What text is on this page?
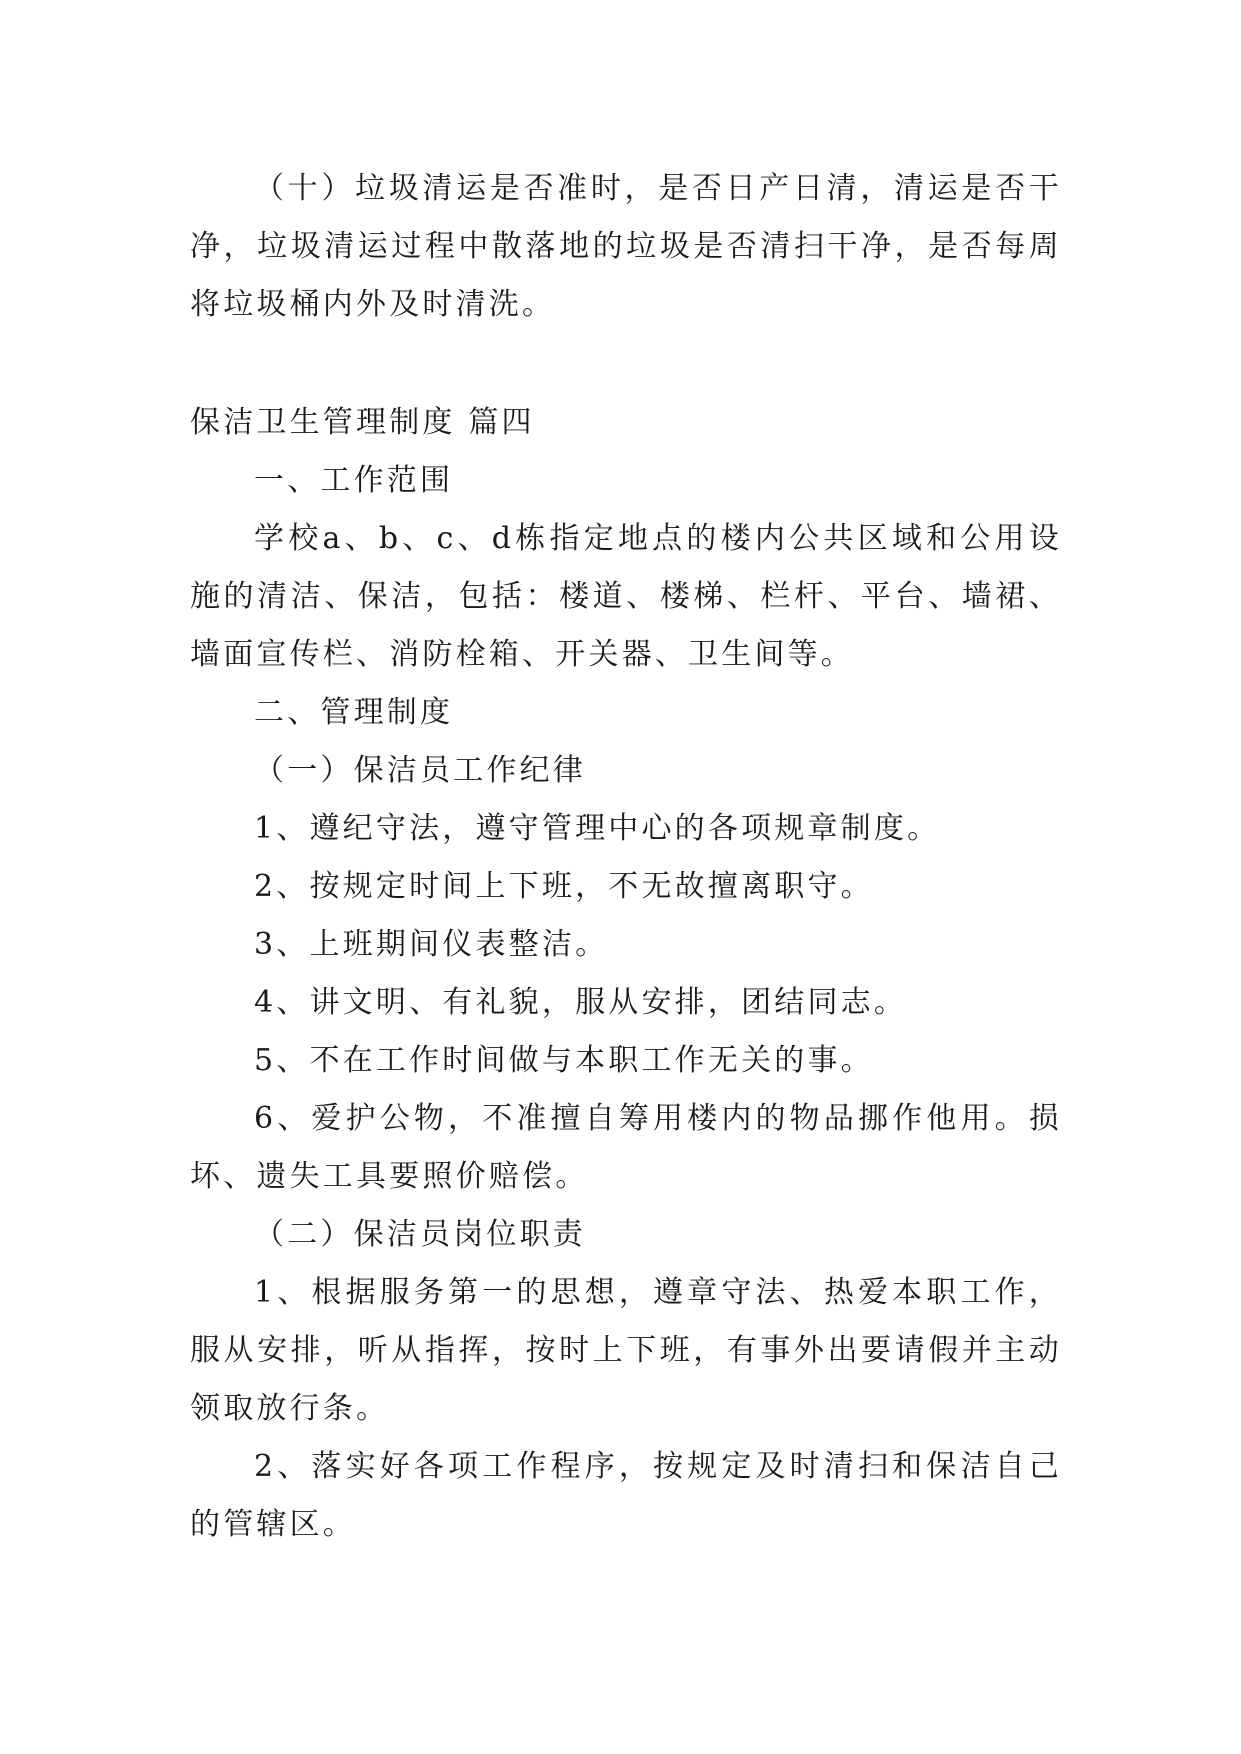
（十）垃圾清运是否准时，是否日产日清，清运是否干净，垃圾清运过程中散落地的垃圾是否清扫干净，是否每周将垃圾桶内外及时清洗。

保洁卫生管理制度 篇四

一、工作范围

学校a、b、c、d栋指定地点的楼内公共区域和公用设施的清洁、保洁，包括：楼道、楼梯、栏杆、平台、墙裙、墙面宣传栏、消防栓箱、开关器、卫生间等。

二、管理制度

（一）保洁员工作纪律

1、遵纪守法，遵守管理中心的各项规章制度。

2、按规定时间上下班，不无故擅离职守。

3、上班期间仪表整洁。

4、讲文明、有礼貌，服从安排，团结同志。

5、不在工作时间做与本职工作无关的事。

6、爱护公物，不准擅自筹用楼内的物品挪作他用。损坏、遗失工具要照价赔偿。

（二）保洁员岗位职责

1、根据服务第一的思想，遵章守法、热爱本职工作，服从安排，听从指挥，按时上下班，有事外出要请假并主动领取放行条。

2、落实好各项工作程序，按规定及时清扫和保洁自己的管辖区。
